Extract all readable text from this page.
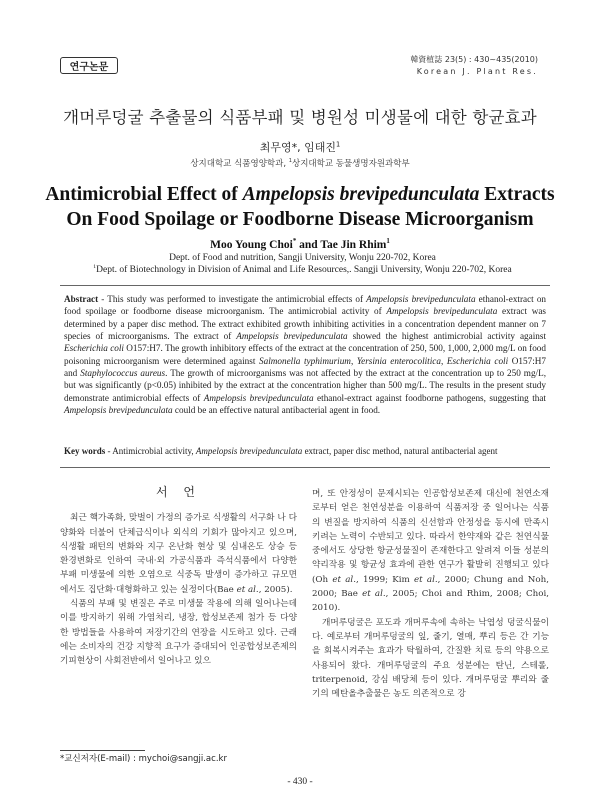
연구논문
韓資植誌 23(5) : 430~435(2010)
Korean J. Plant Res.
개머루덩굴 추출물의 식품부패 및 병원성 미생물에 대한 항균효과
최무영*, 임태진$^1$
상지대학교 식품영양학과, $^1$상지대학교 동물생명자원과학부
Antimicrobial Effect of Ampelopsis brevipedunculata Extracts On Food Spoilage or Foodborne Disease Microorganism
Moo Young Choi* and Tae Jin Rhim$^1$
Dept. of Food and nutrition, Sangji University, Wonju 220-702, Korea
$^1$Dept. of Biotechnology in Division of Animal and Life Resources,. Sangji University, Wonju 220-702, Korea
Abstract - This study was performed to investigate the antimicrobial effects of Ampelopsis brevipedunculata ethanol-extract on food spoilage or foodborne disease microorganism. The antimicrobial activity of Ampelopsis brevipedunculata extract was determined by a paper disc method. The extract exhibited growth inhibiting activities in a concentration dependent manner on 7 species of microorganisms. The extract of Ampelopsis brevipedunculata showed the highest antimicrobial activity against Escherichia coli O157:H7. The growth inhibitory effects of the extract at the concentration of 250, 500, 1,000, 2,000 mg/L on food poisoning microorganism were determined against Salmonella typhimurium, Yersinia enterocolitica, Escherichia coli O157:H7 and Staphylococcus aureus. The growth of microorganisms was not affected by the extract at the concentration up to 250 mg/L, but was significantly (p<0.05) inhibited by the extract at the concentration higher than 500 mg/L. The results in the present study demonstrate antimicrobial effects of Ampelopsis brevipedunculata ethanol-extract against foodborne pathogens, suggesting that Ampelopsis brevipedunculata could be an effective natural antibacterial agent in food.
Key words - Antimicrobial activity, Ampelopsis brevipedunculata extract, paper disc method, natural antibacterial agent
서 언

최근 핵가족화, 맞벌이 가정의 증가로 식생활의 서구화 나 다양화와 더불어 단체급식이나 외식의 기회가 많아지고 있으며, 식생활 패턴의 변화와 지구 온난화 현상 및 심내온도 상승 등 환경변화로 인하여 국내·외 가공식품과 즉석식품에서 다양한 부패 미생물에 의한 오염으로 식중독 발생이 증가하고 규모면에서도 집단화·대형화하고 있는 실정이다(Bae et al., 2005).

식품의 부패 및 변질은 주로 미생물 작용에 의해 일어나는데 이를 방지하기 위해 가염처리, 냉장, 합성보존제 첨가 등 다양한 방법들을 사용하여 저장기간의 연장을 시도하고 있다. 근래에는 소비자의 건강 지향적 요구가 증대되어 인공합성보존제의 기피현상이 사회전반에서 일어나고 있으

며, 또 안정성이 문제시되는 인공합성보존제 대신에 천연소재로부터 얻은 천연성분을 이용하여 식품저장 중 일어나는 식품의 변질을 방지하여 식품의 신선함과 안정성을 동시에 만족시키려는 노력이 수반되고 있다. 따라서 한약재와 같은 천연식물 중에서도 상당한 항균성물질이 존재한다고 알려져 이들 성분의 약리작용 및 항균성 효과에 관한 연구가 활발히 진행되고 있다(Oh et al., 1999; Kim et al., 2000; Chung and Noh, 2000; Bae et al., 2005; Choi and Rhim, 2008; Choi, 2010).

개머루덩굴은 포도과 개머루속에 속하는 낙엽성 덩굴식물이다. 예로부터 개머루덩굴의 잎, 줄기, 열매, 뿌리 등은 간 기능을 회복시켜주는 효과가 탁월하여, 간질환 치료 등의 약용으로 사용되어 왔다. 개머루덩굴의 주요 성분에는 탄닌, 스테롤, triterpenoid, 강심 배당체 등이 있다. 개머루덩굴 뿌리와 줄기의 메탄올추출물은 농도 의존적으로 강

*교신저자(E-mail) : mychoi@sangji.ac.kr
- 430 -
